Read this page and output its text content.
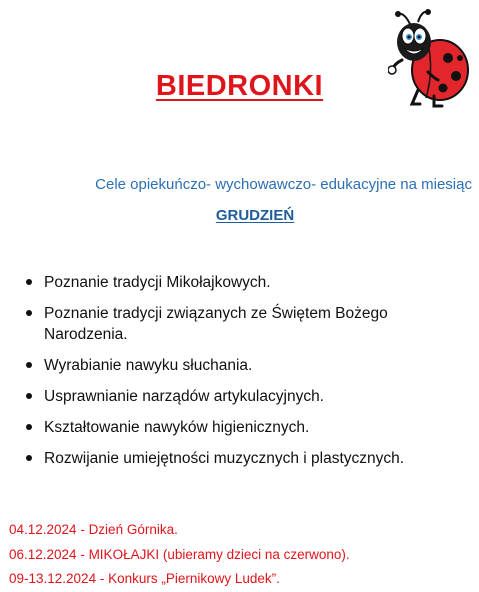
BIEDRONKI
Cele opiekuńczo- wychowawczo- edukacyjne na miesiąc
GRUDZIEŃ
Poznanie tradycji Mikołajkowych.
Poznanie tradycji związanych ze Świętem Bożego Narodzenia.
Wyrabianie nawyku słuchania.
Usprawnianie narządów artykulacyjnych.
Kształtowanie nawyków higienicznych.
Rozwijanie umiejętności muzycznych i plastycznych.
04.12.2024 - Dzień Górnika.
06.12.2024 - MIKOŁAJKI (ubieramy dzieci na czerwono).
09-13.12.2024 - Konkurs „Piernikowy Ludek”.
